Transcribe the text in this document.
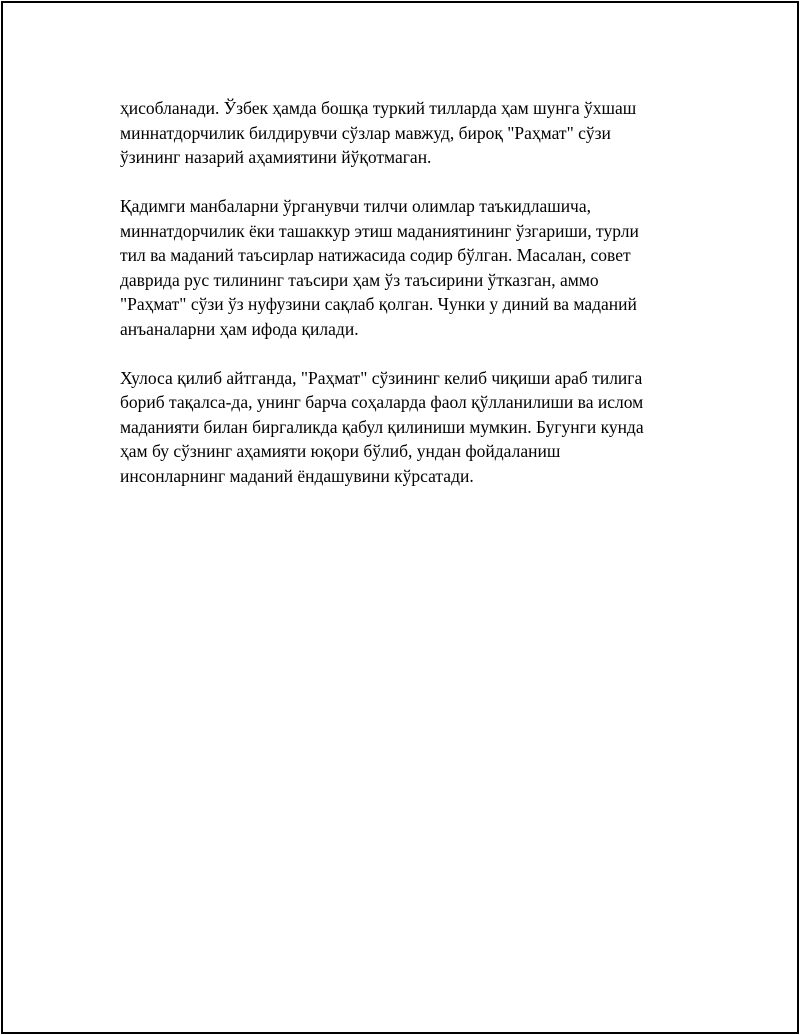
ҳисобланади. Ўзбек ҳамда бошқа туркий тилларда ҳам шунга ўхшаш
миннатдорчилик билдирувчи сўзлар мавжуд, бироқ "Раҳмат" сўзи
ўзининг назарий аҳамиятини йўқотмаган.
Қадимги манбаларни ўрганувчи тилчи олимлар таъкидлашича,
миннатдорчилик ёки ташаккур этиш маданиятининг ўзгариши, турли
тил ва маданий таъсирлар натижасида содир бўлган. Масалан, совет
даврида рус тилининг таъсири ҳам ўз таъсирини ўтказган, аммо
"Раҳмат" сўзи ўз нуфузини сақлаб қолган. Чунки у диний ва маданий
анъаналарни ҳам ифода қилади.
Хулоса қилиб айтганда, "Раҳмат" сўзининг келиб чиқиши араб тилига
бориб тақалса-да, унинг барча соҳаларда фаол қўлланилиши ва ислом
маданияти билан биргаликда қабул қилиниши мумкин. Бугунги кунда
ҳам бу сўзнинг аҳамияти юқори бўлиб, ундан фойдаланиш
инсонларнинг маданий ёндашувини кўрсатади.
